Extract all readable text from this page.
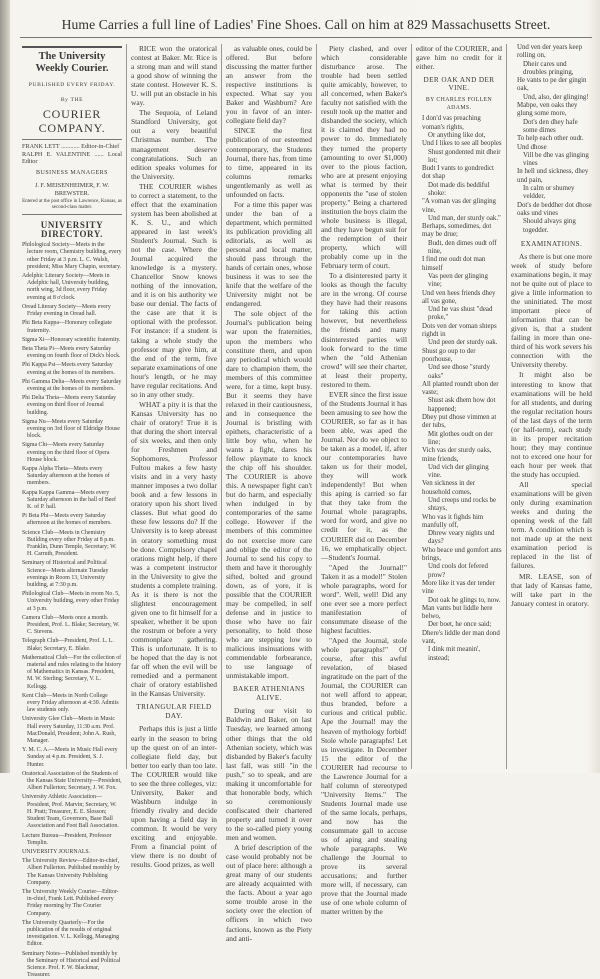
Hume Carries a full line of Ladies' Fine Shoes. Call on him at 829 Massachusetts Street.
The University Weekly Courier.
PUBLISHED EVERY FRIDAY.
By THE
COURIER COMPANY.
FRANK LETT ............ Editor-in-Chief
RALPH E. VALENTINE ...... Local Editor
BUSINESS MANAGERS
J. F. MEISENHEIMER, F. W. BREWSTER.
Entered at the post office in Lawrence, Kansas, as second-class matter.
UNIVERSITY DIRECTORY.
Philological Society—Meets in the lecture room, Chemistry building, every other Friday at 3 p.m. L. C. Walsh, president; Miss Mary Chapin, secretary.
Adelphic Literary Society—Meets in Adelphic hall, University building, north wing, 3d floor, every Friday evening at 8 o'clock.
Oread Literary Society—Meets every Friday evening in Oread hall.
Phi Beta Kappa—Honorary collegiate fraternity.
Sigma Xi—Honorary scientific fraternity.
Beta Theta Pi—Meets every Saturday evening on fourth floor of Dick's block.
Phi Kappa Psi—Meets every Saturday evening at the homes of its members.
Phi Gamma Delta—Meets every Saturday evening at the homes of its members.
Phi Delta Theta—Meets every Saturday evening on third floor of Journal building.
Sigma Nu—Meets every Saturday evening on 3rd floor of Eldridge House block.
Sigma Chi—Meets every Saturday evening on the third floor of Opera House block.
Kappa Alpha Theta—Meets every Saturday afternoon at the homes of members.
Kappa Kappa Gamma—Meets every Saturday afternoon in the hall of Beef K. of P. hall.
Pi Beta Phi—Meets every Saturday afternoon at the homes of members.
Science Club—Meets in Chemistry Building every other Friday at 8 p.m. Franklin, Dunn Temple, Secretary; W. H. Carruth, President.
Seminary of Historical and Political Science—Meets alternate Tuesday evenings in Room 13, University building, at 7:30 p.m.
Philological Club—Meets in room No. 5, University building, every other Friday at 3 p.m.
Camera Club—Meets once a month. President, Prof. L. Blake; Secretary, W. C. Stevens.
Telegraph Club—President, Prof. L. L. Blake; Secretary, E. Blake.
Mathematical Club—For the collection of material and rules relating to the history of Mathematics in Kansas. President, M. W. Sterling; Secretary, V. L. Kellogg.
Kent Club—Meets in North College every Friday afternoon at 4:30. Admits law students only.
University Glee Club—Meets in Music Hall every Saturday, 11:30 a.m. Prof. MacDonald, President; John A. Rush, Manager.
Y. M. C. A.—Meets in Music Hall every Sunday at 4 p.m. President, S. J. Hunter.
Oratorical Association of the Students of the Kansas State University—President, Albert Fullerton; Secretary, J. W. Fox.
University Athletic Association—President, Prof. Marvin; Secretary, W. H. Pratt; Treasurer, E. E. Slosson; Student Team, Governors, Base Ball Association and Foot Ball Association.
Lecture Bureau—President, Professor Templin.
UNIVERSITY JOURNALS.
The University Review—Editor-in-chief, Albert Fullerton. Published monthly by The Kansas University Publishing Company.
The University Weekly Courier—Editor-in-chief, Frank Lett. Published every Friday morning by The Courier Company.
The University Quarterly—For the publication of the results of original investigation. V. L. Kellogg, Managing Editor.
Seminary Notes—Published monthly by the Seminary of Historical and Political Science. Prof. F. W. Blackmar, Treasurer.

RICE won the oratorical contest at Baker. Mr. Rice is a strong man and will stand a good show of winning the state contest. However K. S. U. will put an obstacle in his way.

The Sequoia, of Leland Standford University, got out a very beautiful Christmas number. The management deserve congratulations. Such an edition speaks volumes for the University.

THE COURIER wishes to correct a statement, to the effect that the examination system has been abolished at K. S. U., and which appeared in last week's Student's Journal. Such is not the case. Where the Journal acquired the knowledge is a mystery. Chancellor Snow knows nothing of the innovation, and it is on his authority we base our denial. The facts of the case are that it is optional with the professor. For instance: if a student is taking a whole study the professor may give him, at the end of the term, five separate examinations of one hour's length, or he may have regular recitations. And so in any other study.

WHAT a pity it is that the Kansas University has no chair of oratory! True it is that during the short interval of six weeks, and then only for Freshmen and Sophomores, Professor Fultou makes a few hasty visits and in a very hasty manner imposes a two dollar book and a few lessons in oratory upon his short lived classes. But what good do these few lessons do? If the University is to keep abreast in oratory something must be done. Compulsory chapel orations might help, if there was a competent instructor in the University to give the students a complete training. As it is there is not the slightest encouragement given one to fit himself for a speaker, whether it be upon the rostrum or before a very commonplace gathering. This is unfortunate. It is to be hoped that the day is not far off when the evil will be remedied and a permanent chair of oratory established in the Kansas University.

TRIANGULAR FIELD DAY.

Perhaps this is just a little early in the season to bring up the quest on of an inter-collegiate field day, but better too early than too late. The COURIER would like to see the three colleges, viz: University, Baker and Washburn indulge in friendly rivalry and decide upon having a field day in common. It would be very exciting and enjoyable. From a financial point of view there is no doubt of results. Good prizes, as well

as valuable ones, could be offered. But before discussing the matter further an answer from the respective institutions is expected. What say you Baker and Washburn? Are you in favor of an inter-collegiate field day?

SINCE the first publication of our esteemed contemporary, the Students Journal, there has, from time to time, appeared in its columns remarks ungentlemanly as well as unfounded on facts.

For a time this paper was under the ban of a department, which permitted its publication providing all editorials, as well as personal and local matter, should pass through the hands of certain ones, whose business it was to see the knife that the welfare of the University might not be endangered.

The sole object of the Journal's publication being war upon the fraternities, upon the members who constitute them, and upon any periodical which would dare to champion them, the members of this committee were, for a time, kept busy. But it seems they have relaxed in their cautiousness, and in consequence the Journal is bristling with epithets, characteristic of a little boy who, when he wants a fight, dares his fellow playmate to knock the chip off his shoulder. The COURIER is above this. A newspaper fight can't but do harm, and especially when indulged in by contemporaries of the same college. However if the members of this committee do not exercise more care and oblige the editor of the Journal to send his copy to them and have it thoroughly sifted, bolted and ground down, as of yore, it is possible that the COURIER may be compelled, in self defense and in justice to those who have no fair personality, to hold those who are stepping low to malicious insinuations with commendable forbearance, to use language of unmistakable import.

BAKER ATHENIANS ALIVE.

During our visit to Baldwin and Baker, on last Tuesday, we learned among other things that the old Athenian society, which was disbanded by Baker's faculty last fall, was still "in the push," so to speak, and are making it uncomfortable for that honorable body, which so ceremoniously confiscated their chartered property and turned it over to the so-called piety young men and women.

A brief description of the case would probably not be out of place here: although a great many of our students are already acquainted with the facts. About a year ago some trouble arose in the society over the election of officers in which two factions, known as the Piety and anti-

Piety clashed, and over which considerable disturbance arose. The trouble had been settled quite amicably, however, to all concerned, when Baker's faculty not satisfied with the result took up the matter and disbanded the society, which it is claimed they had no power to do. Immediately they turned the property (amounting to over $1,000) over to the pious faction, who are at present enjoying what is termed by their opponents the "use of stolen property." Being a chartered institution the boys claim the whole business is illegal, and they have begun suit for the redemption of their property, which will probably come up in the February term of court.

To a disinterested party it looks as though the faculty are in the wrong. Of course they have had their reasons for taking this action however, but nevertheless the friends and many disinterested parties will look forward to the time when the "old Athenian crowd" will see their charter, at least their property, restored to them.

EVER since the first issue of the Students Journal it has been amusing to see how the COURIER, so far as it has been able, was aped the Journal. Nor do we object to be taken as a model, if, after our contemporaries have taken us for their model, they will work independently! But when this aping is carried so far that they take from the Journal whole paragraphs, word for word, and give no credit for it, as the COURIER did on December 16, we emphatically object. —Student's Journal.

"Aped the Journal!" Taken it as a model!" Stolen whole paragraphs, word for word". Well, well! Did any one ever see a more perfect manifestation of consummate disease of the highest faculties.

"Aped the Journal, stole whole paragraphs!" Of course, after this awful revelation, of biased ingratitude on the part of the Journal, the COURIER can not well afford to appear, thus branded, before a curious and critical public. Ape the Journal! may the heaven of mythology forbid! Stole whole paragraphs! Let us investigate. In December 15 the editor of the COURIER had recourse to the Lawrence Journal for a half column of stereotyped "University Items." The Students Journal made use of the same locals, perhaps, and now has the consummate gall to accuse us of aping and stealing whole paragraphs. We challenge the Journal to prove its several accusations; and further more will, if necessary, can prove that the Journal made use of one whole column of matter written by the

editor of the COURIER, and gave him no credit for it either.

DER OAK AND DER VINE.
BY CHARLES FOLLEN ADAMS.
I don'd vas preaching voman's rights,
Or anything like dot,
Und I likes to see all beoples
Shust gondented mit dheir lot;
Budt I vants to gondredict dot shap
Dot made dis beddiful shoke:
"A voman vas der glinging vine,
Und man, der sturdy oak."
Berhaps, somedimes, dot may be drue;
Budt, den dimes oudt off nine,
I find me oudt dot man himself
Vas peen der glinging vine;
Und ven hees friends dhey all vas gone,
Und he vas shust "dead proke,"
Dots ven der voman shteps righdt in
Und peen der sturdy oak.
Shust go oup to der poorhouse,
Und see dhose "sturdy oaks"
All planted roundt ubon der vaste;
Shust ask dhem how dot happened;
Dhey put dhose vimmen at der tubs,
Mit glothes oudt on der line;
Vich vas der sturdy oaks, mine friends,
Und vich der glinging vine.
Ven sickness in der household comes,
Und creeps und rocks be shtays,
Who vas it fighds him manfully off,
Dhrew veary nights und days?
Who beace und gomfort ants brings,
Und cools dot fefered prow?
More like it vas der tender vine
Dot oak he glings to, now.
Man vants but liddle here belwo,
Der boet, he once said;
Dhere's liddle der man dond vant,
I dink mit meanin', instead;
Und ven der years keep rolling on,
Dheir cares und droubles pringing,
He vants to pe der gingin oak,
Und, also, der glinging!
Mabpe, ven oaks they glung some more,
Dot's den dhey hafe some dimes
To help each other oudt. Und dhose
Vill be dhe vas glinging vines
In hell und sickness, dhey und pain,
In calm or shumey veldder,
Dot's de beddher dot dhose oaks und vines
Should alvays ging togedder.
EXAMINATIONS.

As there is but one more week of study before examinations begin, it may not be quite out of place to give a little information to the uninitiated. The most important piece of information that can be given is, that a student failing in more than one-third of his work severs his connection with the University thereby.

It might also be interesting to know that examinations will be held for all students, and during the regular recitation hours of the last days of the term (or half-term), each study in its proper recitation hour; they may continue not to exceed one hour for each hour per week that the study has occupied.

All special examinations will be given only during examination weeks and during the opening week of the fall term. A condition which is not made up at the next examination period is replaced in the list of failures.

MR. LEASE, son of that lady of Kansas fame, will take part in the January contest in oratory.
